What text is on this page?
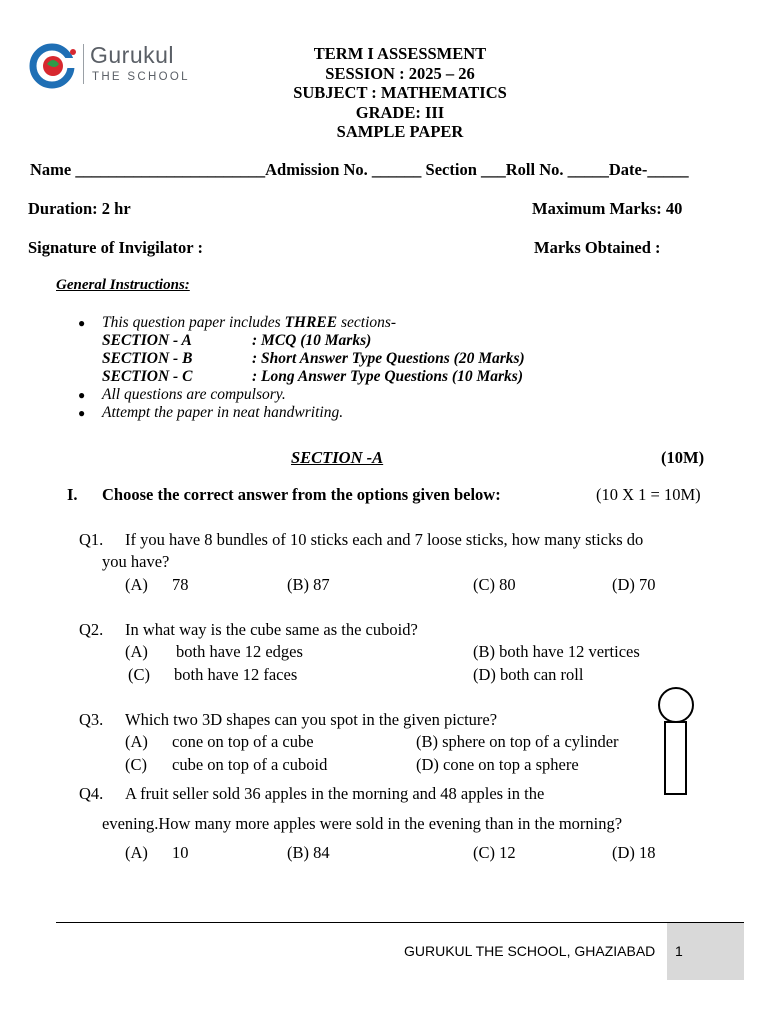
Gurukul
THE SCHOOL
TERM I ASSESSMENT
SESSION : 2025 – 26
SUBJECT : MATHEMATICS
GRADE: III
SAMPLE PAPER
Name _______________________Admission No. ______ Section ___Roll No. _____Date-_____
Duration: 2 hr	Maximum Marks: 40
Signature of Invigilator :	Marks Obtained :
General Instructions:
● This question paper includes THREE sections-
SECTION - A	: MCQ (10 Marks)
SECTION - B	: Short Answer Type Questions (20 Marks)
SECTION - C	: Long Answer Type Questions (10 Marks)
● All questions are compulsory.
● Attempt the paper in neat handwriting.
SECTION -A	(10M)
I. Choose the correct answer from the options given below:	(10 X 1 = 10M)
Q1. If you have 8 bundles of 10 sticks each and 7 loose sticks, how many sticks do
you have?
(A) 78	(B) 87	(C) 80	(D) 70
Q2. In what way is the cube same as the cuboid?
(A) both have 12 edges	(B) both have 12 vertices
(C) both have 12 faces	(D) both can roll
Q3. Which two 3D shapes can you spot in the given picture?
(A) cone on top of a cube	(B) sphere on top of a cylinder
(C) cube on top of a cuboid	(D) cone on top a sphere
Q4. A fruit seller sold 36 apples in the morning and 48 apples in the
evening.How many more apples were sold in the evening than in the morning?
(A) 10	(B) 84	(C) 12	(D) 18
GURUKUL THE SCHOOL, GHAZIABAD 1
